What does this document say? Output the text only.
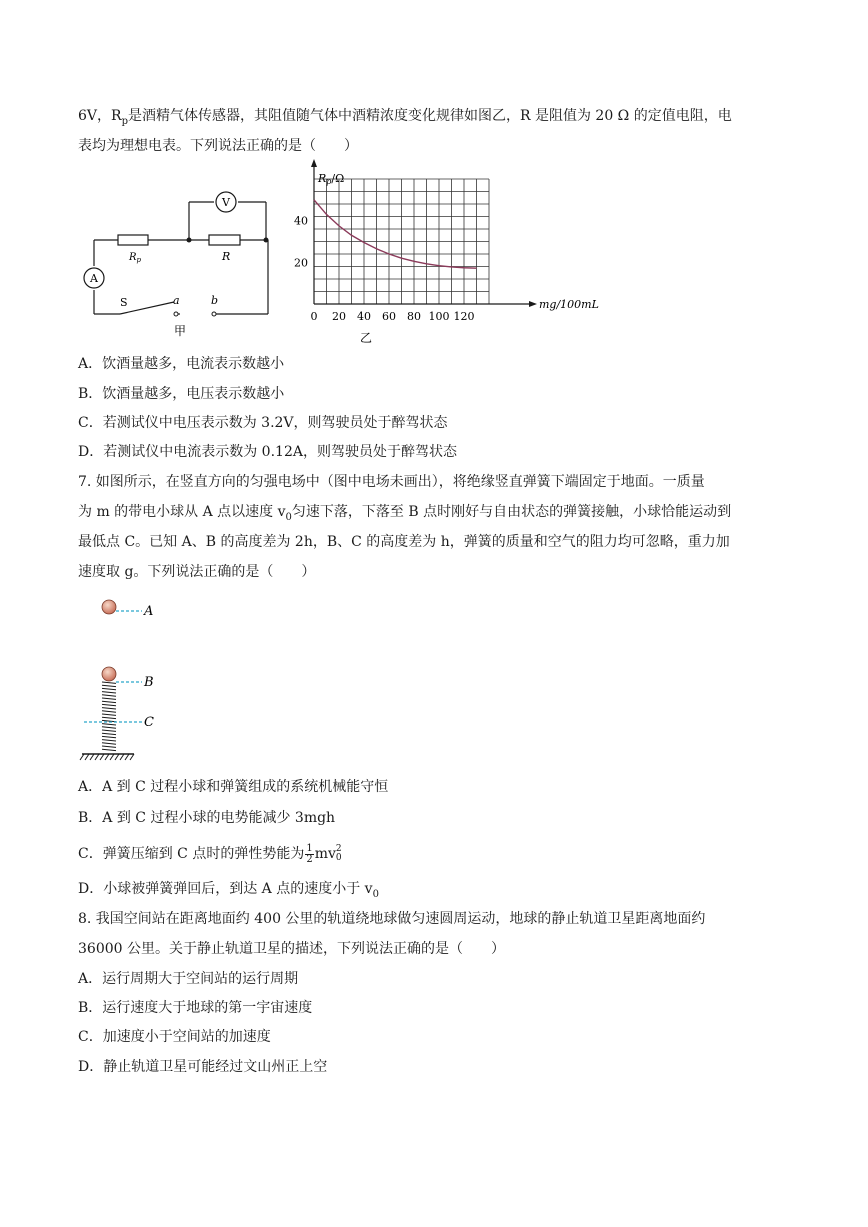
6V，$R_p$是酒精气体传感器，其阻值随气体中酒精浓度变化规律如图乙，R 是阻值为 20 Ω 的定值电阻，电
表均为理想电表。下列说法正确的是（　　）
V
A
$R_p$	R
S	a	b
甲
0 20 40 60 80 100 120
20
40
Rp/Ω
mg/100mL
乙
A．饮酒量越多，电流表示数越小
B．饮酒量越多，电压表示数越小
C．若测试仪中电压表示数为 3.2V，则驾驶员处于醉驾状态
D．若测试仪中电流表示数为 0.12A，则驾驶员处于醉驾状态
7. 如图所示，在竖直方向的匀强电场中（图中电场未画出），将绝缘竖直弹簧下端固定于地面。一质量
为 m 的带电小球从 A 点以速度 $v_0$匀速下落，下落至 B 点时刚好与自由状态的弹簧接触，小球恰能运动到
最低点 C。已知 A、B 的高度差为 2h，B、C 的高度差为 h，弹簧的质量和空气的阻力均可忽略，重力加
速度取 g。下列说法正确的是（　　）
A
B
C
A．A 到 C 过程小球和弹簧组成的系统机械能守恒
B．A 到 C 过程小球的电势能减少 3mgh
C．弹簧压缩到 C 点时的弹性势能为 $\frac{1}{2}$ mv 2
0
D．小球被弹簧弹回后，到达 A 点的速度小于 $v_0$
8. 我国空间站在距离地面约 400 公里的轨道绕地球做匀速圆周运动，地球的静止轨道卫星距离地面约
36000 公里。关于静止轨道卫星的描述，下列说法正确的是（　　）
A．运行周期大于空间站的运行周期
B．运行速度大于地球的第一宇宙速度
C．加速度小于空间站的加速度
D．静止轨道卫星可能经过文山州正上空
